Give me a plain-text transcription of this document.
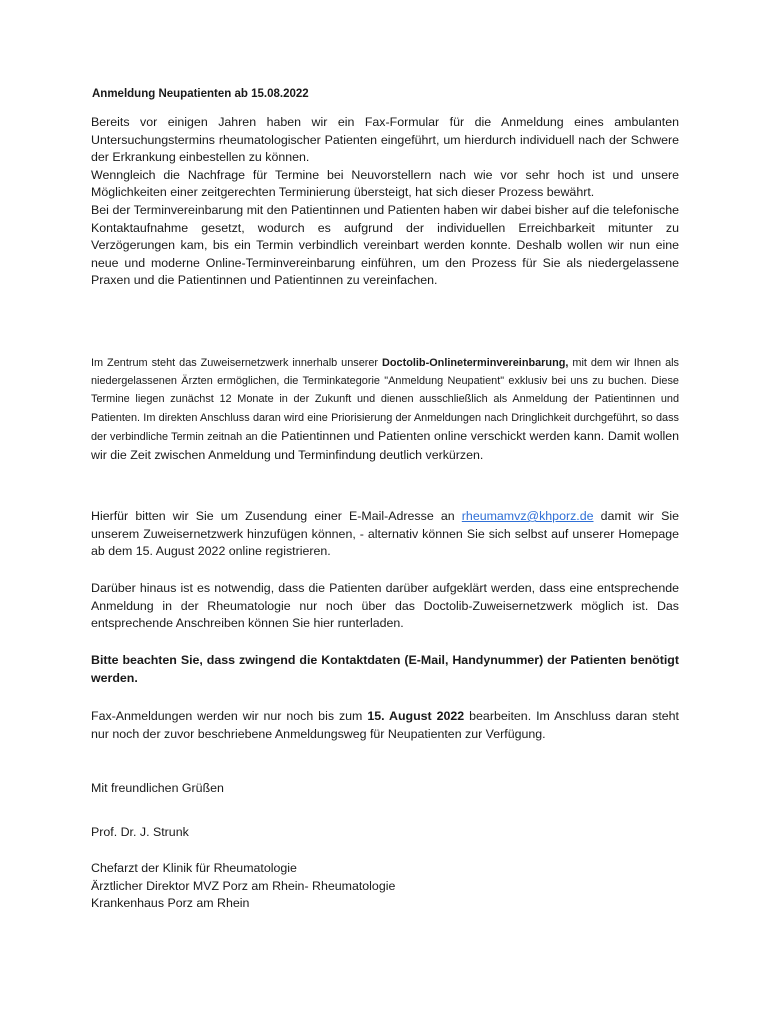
Anmeldung Neupatienten ab 15.08.2022

Bereits vor einigen Jahren haben wir ein Fax-Formular für die Anmeldung eines ambulanten Untersuchungstermins rheumatologischer Patienten eingeführt, um hierdurch individuell nach der Schwere der Erkrankung einbestellen zu können.

Wenngleich die Nachfrage für Termine bei Neuvorstellern nach wie vor sehr hoch ist und unsere Möglichkeiten einer zeitgerechten Terminierung übersteigt, hat sich dieser Prozess bewährt.

Bei der Terminvereinbarung mit den Patientinnen und Patienten haben wir dabei bisher auf die telefonische Kontaktaufnahme gesetzt, wodurch es aufgrund der individuellen Erreichbarkeit mitunter zu Verzögerungen kam, bis ein Termin verbindlich vereinbart werden konnte. Deshalb wollen wir nun eine neue und moderne Online-Terminvereinbarung einführen, um den Prozess für Sie als niedergelassene Praxen und die Patientinnen und Patientinnen zu vereinfachen.

Im Zentrum steht das Zuweisernetzwerk innerhalb unserer Doctolib-Onlineterminvereinbarung, mit dem wir Ihnen als niedergelassenen Ärzten ermöglichen, die Terminkategorie "Anmeldung Neupatient" exklusiv bei uns zu buchen. Diese Termine liegen zunächst 12 Monate in der Zukunft und dienen ausschließlich als Anmeldung der Patientinnen und Patienten. Im direkten Anschluss daran wird eine Priorisierung der Anmeldungen nach Dringlichkeit durchgeführt, so dass der verbindliche Termin zeitnah an die Patientinnen und Patienten online verschickt werden kann. Damit wollen wir die Zeit zwischen Anmeldung und Terminfindung deutlich verkürzen.
Hierfür bitten wir Sie um Zusendung einer E-Mail-Adresse an rheumamvz@khporz.de damit wir Sie unserem Zuweisernetzwerk hinzufügen können, - alternativ können Sie sich selbst auf unserer Homepage ab dem 15. August 2022 online registrieren.
Darüber hinaus ist es notwendig, dass die Patienten darüber aufgeklärt werden, dass eine entsprechende Anmeldung in der Rheumatologie nur noch über das Doctolib-Zuweisernetzwerk möglich ist. Das entsprechende Anschreiben können Sie hier runterladen.
Bitte beachten Sie, dass zwingend die Kontaktdaten (E-Mail, Handynummer) der Patienten benötigt werden.
Fax-Anmeldungen werden wir nur noch bis zum 15. August 2022 bearbeiten. Im Anschluss daran steht nur noch der zuvor beschriebene Anmeldungsweg für Neupatienten zur Verfügung.
Mit freundlichen Grüßen
Prof. Dr. J. Strunk
Chefarzt der Klinik für Rheumatologie
Ärztlicher Direktor MVZ Porz am Rhein- Rheumatologie
Krankenhaus Porz am Rhein
